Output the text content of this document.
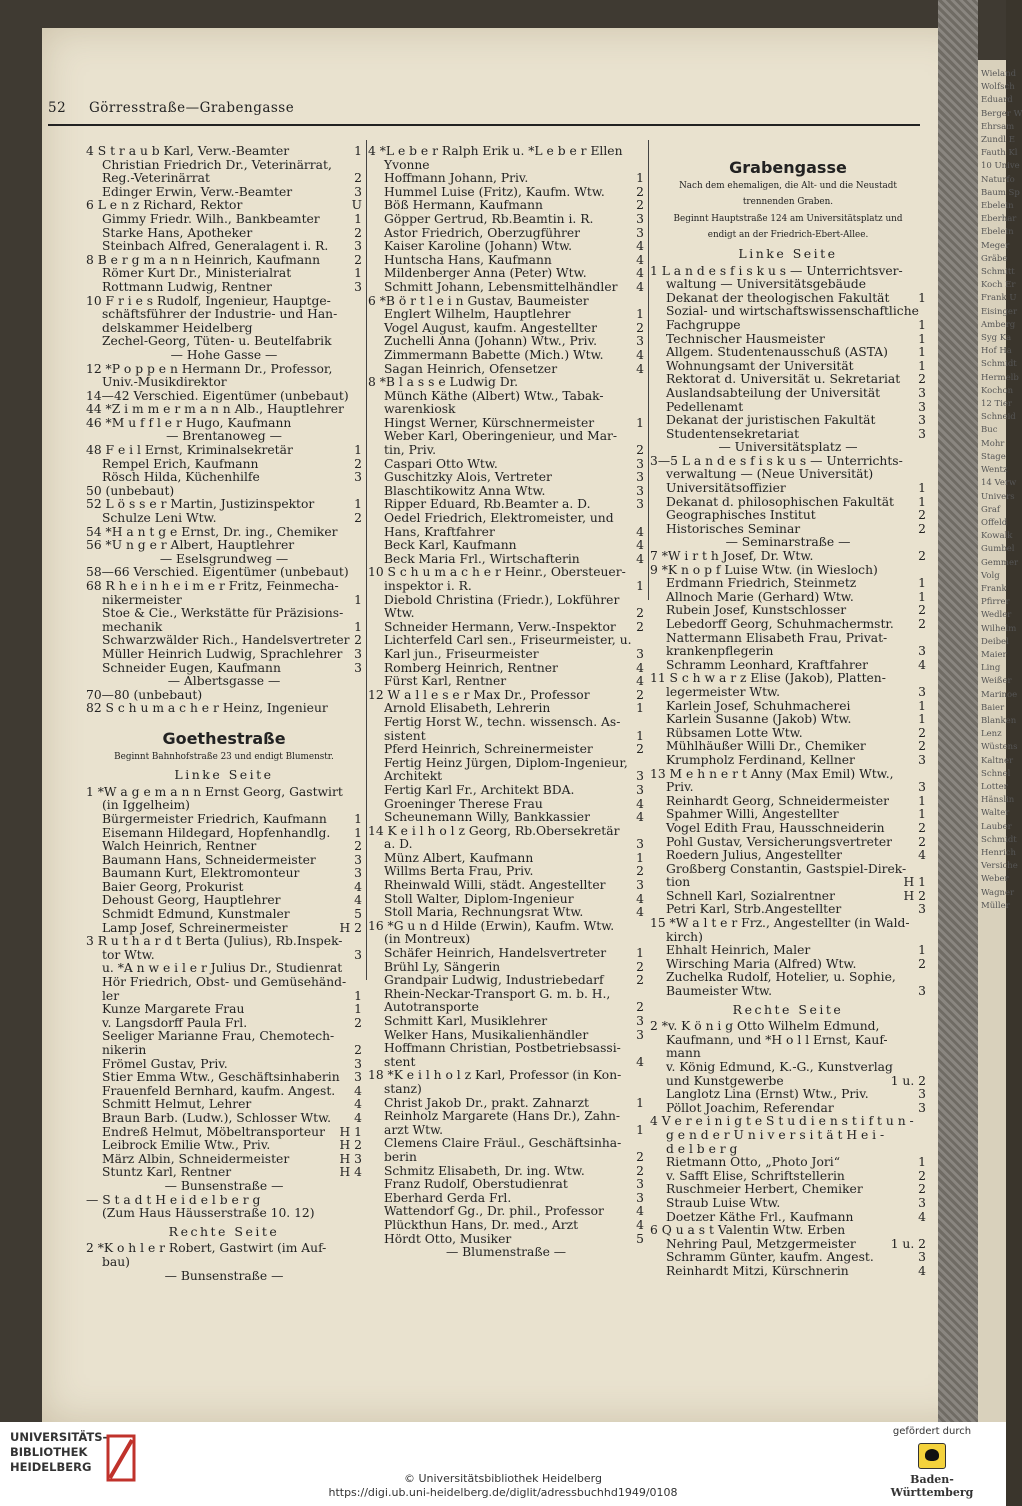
Wieland
Wolfsch
Eduard
Berger W
Ehrsam
Zundl E
Fauth Kl
10 Unive
Naturfo
Baum Sp
Ebelein
Eberhar
Ebelein
Meger
Gräbe
Schmitt
Koch Er
Frank U
Eisinger
Amberg
Syg Ka
Hof Ha
Schmidt
Hermelb
Kochon
12 Tier
Schneid
Buc
Mohr
Stage
Wentz
14 Verw
Univers
Graf
Offeld
Kowalk
Gumbel
Gemmer
Volg
Frank
Pfirrer
Wedler
Wilhelm
Deibel
Maier
Ling
Weißer
Marinoe
Baier
Blanken
Lenz
Wüstens
Kaltner
Schnel
Lotter
Hänslin
Walter
Lauber
Schmidt
Henrich
Versiche
Weber
Wagner
Müller
52 Görresstraße—Grabengasse
4 S t r a u b Karl, Verw.-Beamter	1
Christian Friedrich Dr., Veterinärrat,
Reg.-Veterinärrat	2
Edinger Erwin, Verw.-Beamter	3
6 L e n z Richard, Rektor	U
Gimmy Friedr. Wilh., Bankbeamter	1
Starke Hans, Apotheker	2
Steinbach Alfred, Generalagent i. R. 3
8 B e r g m a n n Heinrich, Kaufmann	2
Römer Kurt Dr., Ministerialrat	1
Rottmann Ludwig, Rentner	3
10 F r i e s Rudolf, Ingenieur, Hauptge-
schäftsführer der Industrie- und Han-
delskammer Heidelberg
Zechel-Georg, Tüten- u. Beutelfabrik
— Hohe Gasse —
12 *P o p p e n Hermann Dr., Professor,
Univ.-Musikdirektor
14—42 Verschied. Eigentümer (unbebaut)
44 *Z i m m e r m a n n Alb., Hauptlehrer
46 *M u f f l e r Hugo, Kaufmann
— Brentanoweg —
48 F e i l Ernst, Kriminalsekretär	1
Rempel Erich, Kaufmann	2
Rösch Hilda, Küchenhilfe	3
50 (unbebaut)
52 L ö s s e r Martin, Justizinspektor	1
Schulze Leni Wtw.	2
54 *H a n t g e Ernst, Dr. ing., Chemiker
56 *U n g e r Albert, Hauptlehrer
— Eselsgrundweg —
58—66 Verschied. Eigentümer (unbebaut)
68 R h e i n h e i m e r Fritz, Feinmecha-
nikermeister	1
Stoe & Cie., Werkstätte für Präzisions-
mechanik	1
Schwarzwälder Rich., Handelsvertreter 2
Müller Heinrich Ludwig, Sprachlehrer 3
Schneider Eugen, Kaufmann	3
— Albertsgasse —
70—80 (unbebaut)
82 S c h u m a c h e r Heinz, Ingenieur
Goethestraße
Beginnt Bahnhofstraße 23 und endigt Blumenstr.
Linke Seite
1 *W a g e m a n n Ernst Georg, Gastwirt
(in Iggelheim)
Bürgermeister Friedrich, Kaufmann 1
Eisemann Hildegard, Hopfenhandlg. 1
Walch Heinrich, Rentner	2
Baumann Hans, Schneidermeister	3
Baumann Kurt, Elektromonteur	3
Baier Georg, Prokurist	4
Dehoust Georg, Hauptlehrer	4
Schmidt Edmund, Kunstmaler	5
Lamp Josef, Schreinermeister	H 2
3 R u t h a r d t Berta (Julius), Rb.Inspek-
tor Wtw.	3
u. *A n w e i l e r Julius Dr., Studienrat
Hör Friedrich, Obst- und Gemüsehänd-
ler	1
Kunze Margarete Frau	1
v. Langsdorff Paula Frl.	2
Seeliger Marianne Frau, Chemotech-
nikerin	2
Frömel Gustav, Priv.	3
Stier Emma Wtw., Geschäftsinhaberin 3
Frauenfeld Bernhard, kaufm. Angest. 4
Schmitt Helmut, Lehrer	4
Braun Barb. (Ludw.), Schlosser Wtw. 4
Endreß Helmut, Möbeltransporteur H 1
Leibrock Emilie Wtw., Priv.	H 2
März Albin, Schneidermeister	H 3
Stuntz Karl, Rentner	H 4
— Bunsenstraße —
— S t a d t H e i d e l b e r g
(Zum Haus Häusserstraße 10. 12)
Rechte Seite
2 *K o h l e r Robert, Gastwirt (im Auf-
bau)
— Bunsenstraße —
4 *L e b e r Ralph Erik u. *L e b e r Ellen
Yvonne
Hoffmann Johann, Priv.	1
Hummel Luise (Fritz), Kaufm. Wtw.	2
Böß Hermann, Kaufmann	2
Göpper Gertrud, Rb.Beamtin i. R.	3
Astor Friedrich, Oberzugführer	3
Kaiser Karoline (Johann) Wtw.	4
Huntscha Hans, Kaufmann	4
Mildenberger Anna (Peter) Wtw.	4
Schmitt Johann, Lebensmittelhändler 4
6 *B ö r t l e i n Gustav, Baumeister
Englert Wilhelm, Hauptlehrer	1
Vogel August, kaufm. Angestellter	2
Zuchelli Anna (Johann) Wtw., Priv.	3
Zimmermann Babette (Mich.) Wtw.	4
Sagan Heinrich, Ofensetzer	4
8 *B l a s s e Ludwig Dr.
Münch Käthe (Albert) Wtw., Tabak-
warenkiosk
Hingst Werner, Kürschnermeister	1
Weber Karl, Oberingenieur, und Mar-
tin, Priv.	2
Caspari Otto Wtw.	3
Guschitzky Alois, Vertreter	3
Blaschtikowitz Anna Wtw.	3
Ripper Eduard, Rb.Beamter a. D.	3
Oedel Friedrich, Elektromeister, und
Hans, Kraftfahrer	4
Beck Karl, Kaufmann	4
Beck Maria Frl., Wirtschafterin	4
10 S c h u m a c h e r Heinr., Obersteuer-
inspektor i. R.	1
Diebold Christina (Friedr.), Lokführer
Wtw.	2
Schneider Hermann, Verw.-Inspektor 2
Lichterfeld Carl sen., Friseurmeister, u.
Karl jun., Friseurmeister	3
Romberg Heinrich, Rentner	4
Fürst Karl, Rentner	4
12 W a l l e s e r Max Dr., Professor	2
Arnold Elisabeth, Lehrerin	1
Fertig Horst W., techn. wissensch. As-
sistent	1
Pferd Heinrich, Schreinermeister	2
Fertig Heinz Jürgen, Diplom-Ingenieur,
Architekt	3
Fertig Karl Fr., Architekt BDA.	3
Groeninger Therese Frau	4
Scheunemann Willy, Bankkassier	4
14 K e i l h o l z Georg, Rb.Obersekretär
a. D.	3
Münz Albert, Kaufmann	1
Willms Berta Frau, Priv.	2
Rheinwald Willi, städt. Angestellter 3
Stoll Walter, Diplom-Ingenieur	4
Stoll Maria, Rechnungsrat Wtw.	4
16 *G u n d Hilde (Erwin), Kaufm. Wtw.
(in Montreux)
Schäfer Heinrich, Handelsvertreter 1
Brühl Ly, Sängerin	2
Grandpair Ludwig, Industriebedarf	2
Rhein-Neckar-Transport G. m. b. H.,
Autotransporte	2
Schmitt Karl, Musiklehrer	3
Welker Hans, Musikalienhändler	3
Hoffmann Christian, Postbetriebsassi-
stent	4
18 *K e i l h o l z Karl, Professor (in Kon-
stanz)
Christ Jakob Dr., prakt. Zahnarzt	1
Reinholz Margarete (Hans Dr.), Zahn-
arzt Wtw.	1
Clemens Claire Fräul., Geschäftsinha-
berin	2
Schmitz Elisabeth, Dr. ing. Wtw.	2
Franz Rudolf, Oberstudienrat	3
Eberhard Gerda Frl.	3
Wattendorf Gg., Dr. phil., Professor	4
Plückthun Hans, Dr. med., Arzt	4
Hördt Otto, Musiker	5
— Blumenstraße —
Grabengasse
Nach dem ehemaligen, die Alt- und die Neustadt
trennenden Graben.
Beginnt Hauptstraße 124 am Universitätsplatz und
endigt an der Friedrich-Ebert-Allee.
Linke Seite
1 L a n d e s f i s k u s — Unterrichtsver-
waltung — Universitätsgebäude
Dekanat der theologischen Fakultät 1
Sozial- und wirtschaftswissenschaftliche
Fachgruppe	1
Technischer Hausmeister	1
Allgem. Studentenausschuß (ASTA) 1
Wohnungsamt der Universität	1
Rektorat d. Universität u. Sekretariat 2
Auslandsabteilung der Universität	3
Pedellenamt	3
Dekanat der juristischen Fakultät	3
Studentensekretariat	3
— Universitätsplatz —
3—5 L a n d e s f i s k u s — Unterrichts-
verwaltung — (Neue Universität)
Universitätsoffizier	1
Dekanat d. philosophischen Fakultät 1
Geographisches Institut	2
Historisches Seminar	2
— Seminarstraße —
7 *W i r t h Josef, Dr. Wtw.	2
9 *K n o p f Luise Wtw. (in Wiesloch)
Erdmann Friedrich, Steinmetz	1
Allnoch Marie (Gerhard) Wtw.	1
Rubein Josef, Kunstschlosser	2
Lebedorff Georg, Schuhmachermstr. 2
Nattermann Elisabeth Frau, Privat-
krankenpflegerin	3
Schramm Leonhard, Kraftfahrer	4
11 S c h w a r z Elise (Jakob), Platten-
legermeister Wtw.	3
Karlein Josef, Schuhmacherei	1
Karlein Susanne (Jakob) Wtw.	1
Rübsamen Lotte Wtw.	2
Mühlhäußer Willi Dr., Chemiker	2
Krumpholz Ferdinand, Kellner	3
13 M e h n e r t Anny (Max Emil) Wtw.,
Priv.	3
Reinhardt Georg, Schneidermeister 1
Spahmer Willi, Angestellter	1
Vogel Edith Frau, Hausschneiderin	2
Pohl Gustav, Versicherungsvertreter 2
Roedern Julius, Angestellter	4
Großberg Constantin, Gastspiel-Direk-
tion	H 1
Schnell Karl, Sozialrentner	H 2
Petri Karl, Strb.Angestellter	3
15 *W a l t e r Frz., Angestellter (in Wald-
kirch)
Ehhalt Heinrich, Maler	1
Wirsching Maria (Alfred) Wtw.	2
Zuchelka Rudolf, Hotelier, u. Sophie,
Baumeister Wtw.	3
Rechte Seite
2 *v. K ö n i g Otto Wilhelm Edmund,
Kaufmann, und *H o l l Ernst, Kauf-
mann
v. König Edmund, K.-G., Kunstverlag
und Kunstgewerbe	1 u. 2
Langlotz Lina (Ernst) Wtw., Priv.	3
Pöllot Joachim, Referendar	3
4 V e r e i n i g t e S t u d i e n s t i f t u n -
g e n d e r U n i v e r s i t ä t H e i -
d e l b e r g
Rietmann Otto, „Photo Jori“	1
v. Safft Elise, Schriftstellerin	2
Ruschmeier Herbert, Chemiker	2
Straub Luise Wtw.	3
Doetzer Käthe Frl., Kaufmann	4
6 Q u a s t Valentin Wtw. Erben
Nehring Paul, Metzgermeister	1 u. 2
Schramm Günter, kaufm. Angest.	3
Reinhardt Mitzi, Kürschnerin	4
UNIVERSITÄTS-
BIBLIOTHEK
HEIDELBERG
© Universitätsbibliothek Heidelberg
https://digi.ub.uni-heidelberg.de/diglit/adressbuchhd1949/0108
gefördert durch
Baden-Württemberg
